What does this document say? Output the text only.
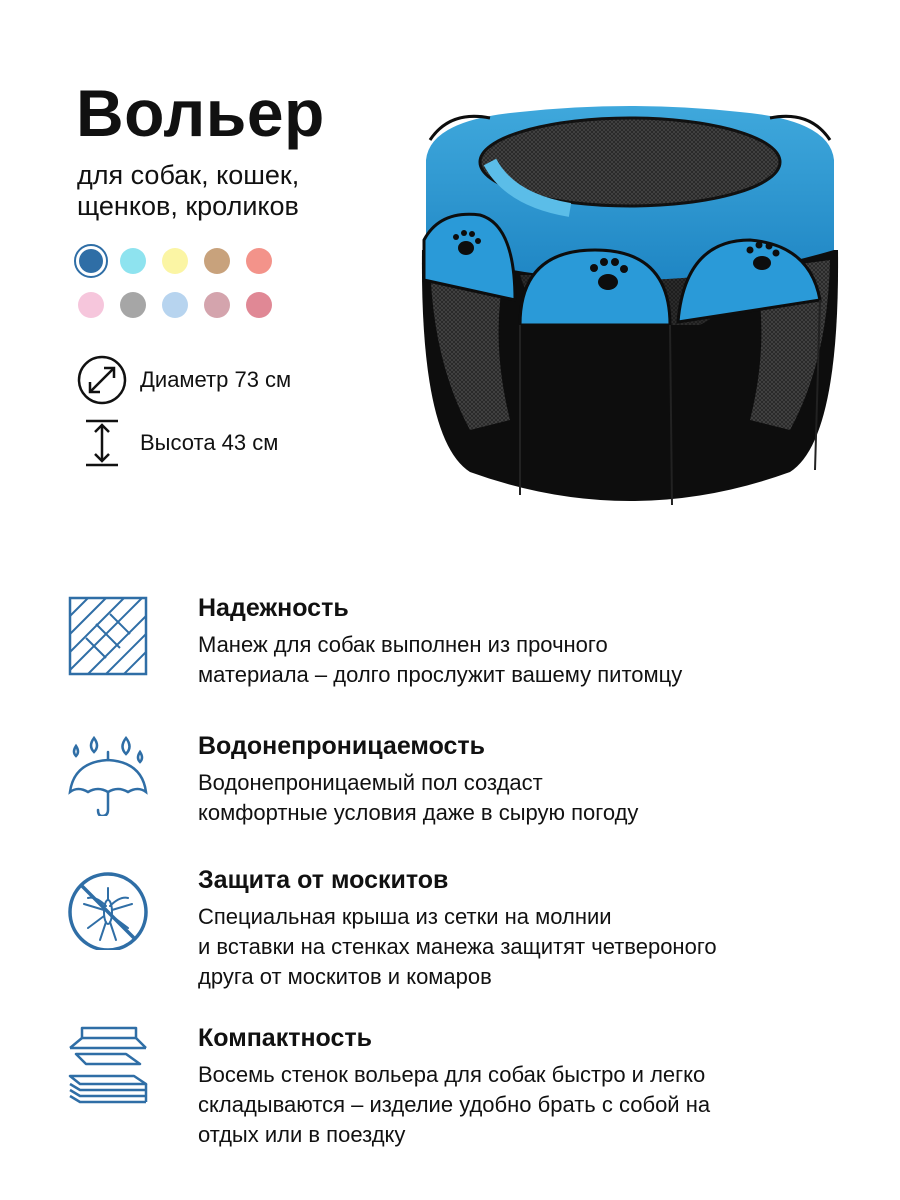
Вольер
для собак, кошек,
щенков, кроликов
Диаметр 73 см
Высота 43 см
Надежность
Манеж для собак выполнен из прочного
материала – долго прослужит вашему питомцу
Водонепроницаемость
Водонепроницаемый пол создаст
комфортные условия даже в сырую погоду
Защита от москитов
Специальная крыша из сетки на молнии
и вставки на стенках манежа защитят четвероного
друга от москитов и комаров
Компактность
Восемь стенок вольера для собак быстро и легко
складываются – изделие удобно брать с собой на
отдых или в поездку
